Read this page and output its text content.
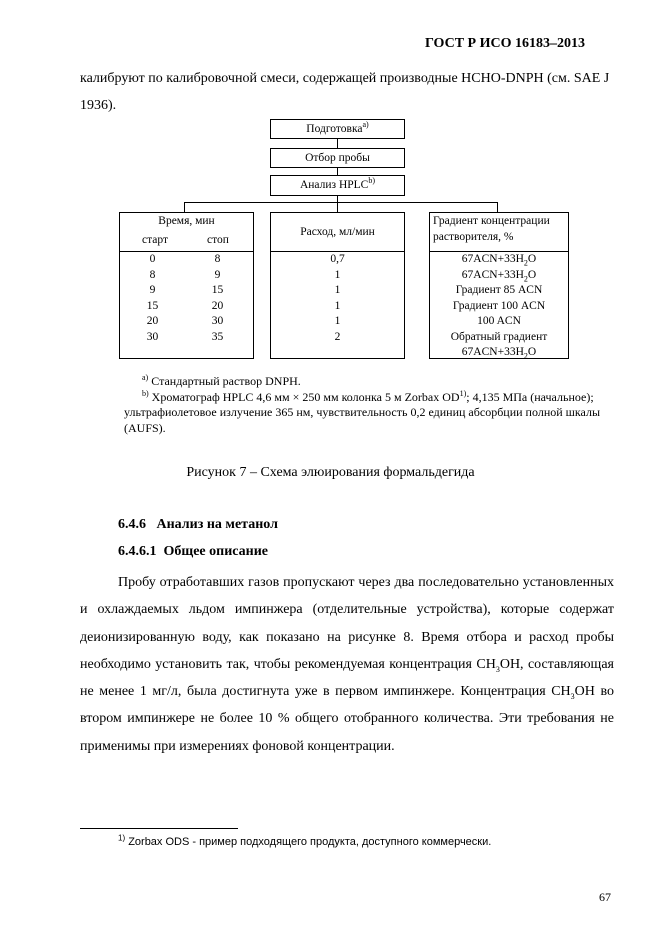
ГОСТ Р ИСО 16183–2013
калибруют по калибровочной смеси, содержащей производные HCHO-DNPH (см. SAE J 1936).
Подготовка$^{а)}$
Отбор пробы
Анализ HPLC$^{b)}$
Время, мин
старт	стоп
Расход, мл/мин
Градиент концентрации растворителя, %
0
8
9
15
20
30
8
9
15
20
30
35
0,7
1
1
1
1
2
$67ACN+33H_2O$
$67ACN+33H_2O$
Градиент 85 ACN
Градиент 100 ACN
100 ACN
Обратный градиент
$67ACN+33H_2O$
$^{а)}$ Стандартный раствор DNPH.
$^{b)}$ Хроматограф HPLC 4,6 мм × 250 мм колонка 5 м Zorbax OD$^{1)}$; 4,135 МПа (начальное); ультрафиолетовое излучение 365 нм, чувствительность 0,2 единиц абсорбции полной шкалы (AUFS).
Рисунок 7 – Схема элюирования формальдегида
6.4.6 Анализ на метанол
6.4.6.1 Общее описание
Пробу отработавших газов пропускают через два последовательно установленных и охлаждаемых льдом импинжера (отделительные устройства), которые содержат деионизированную воду, как показано на рисунке 8. Время отбора и расход пробы необходимо установить так, чтобы рекомендуемая концентрация $CH_3OH$, составляющая не менее 1 мг/л, была достигнута уже в первом импинжере. Концентрация $CH_3OH$ во втором импинжере не более 10 % общего отобранного количества. Эти требования не применимы при измерениях фоновой концентрации.
$^{1)}$ Zorbax ODS - пример подходящего продукта, доступного коммерчески.
67
